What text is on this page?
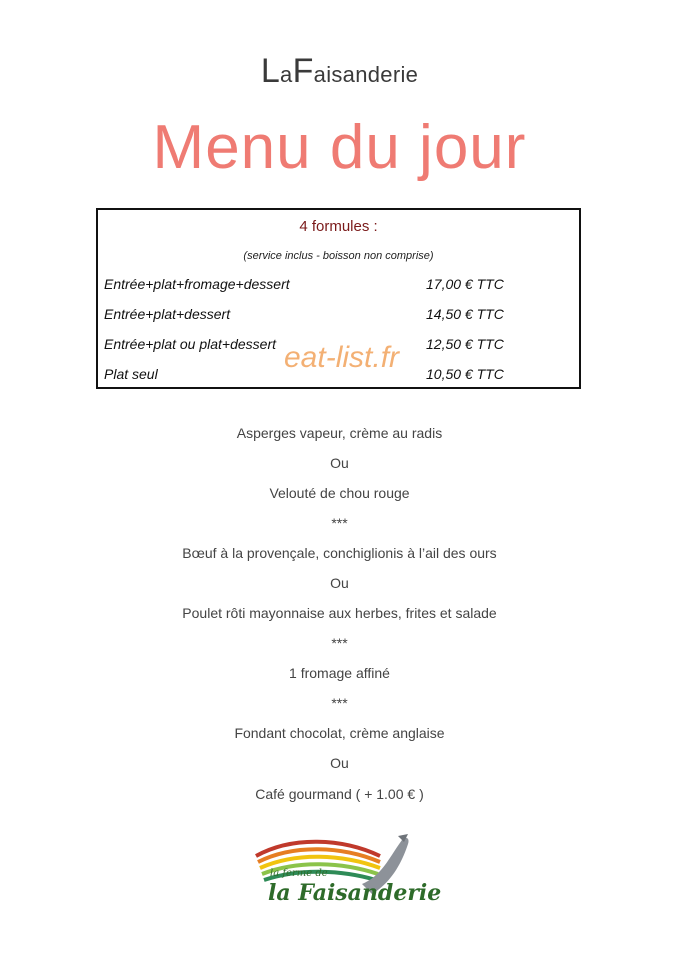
LaFaisanderie
Menu du jour
4 formules :
(service inclus - boisson non comprise)
Entrée+plat+fromage+dessert	17,00 € TTC
Entrée+plat+dessert	14,50 € TTC
Entrée+plat ou plat+dessert	12,50 € TTC
Plat seul	10,50 € TTC
eat-list.fr
Asperges vapeur, crème au radis
Ou
Velouté de chou rouge
***
Bœuf à la provençale, conchiglionis à l’ail des ours
Ou
Poulet rôti mayonnaise aux herbes, frites et salade
***
1 fromage affiné
***
Fondant chocolat, crème anglaise
Ou
Café gourmand ( + 1.00 € )
la ferme de
la Faisanderie
